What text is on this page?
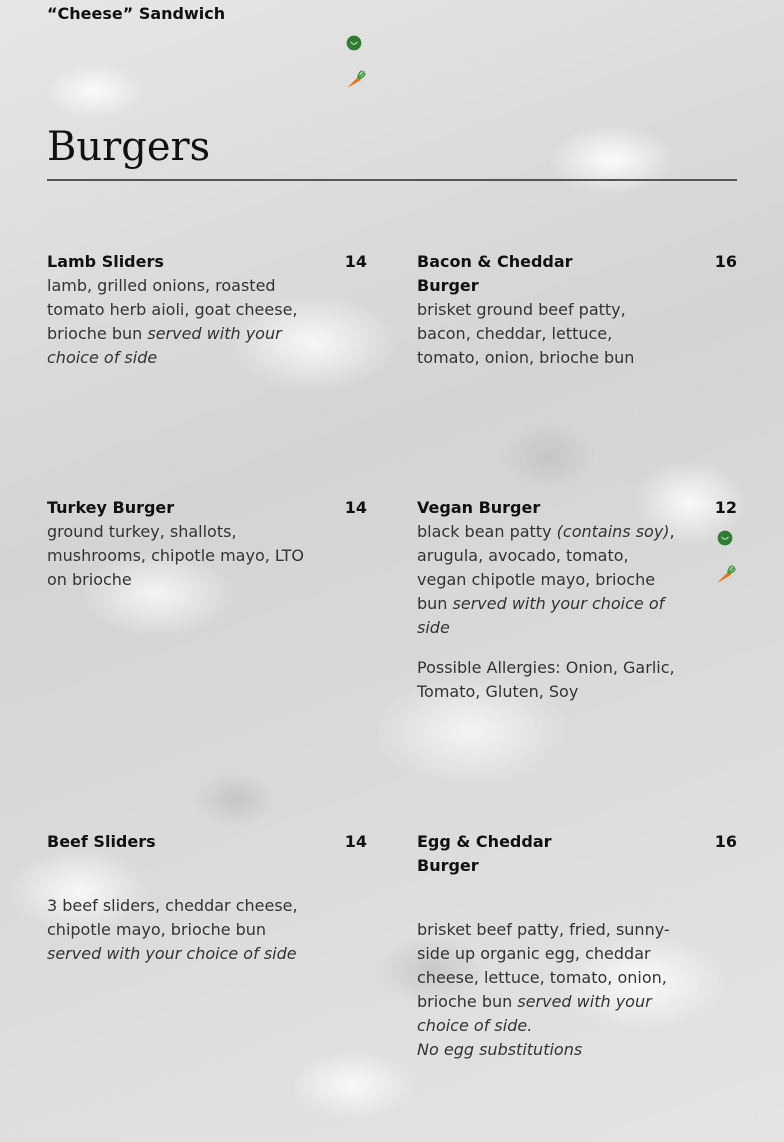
“Cheese” Sandwich
Burgers
Lamb Sliders	14
lamb, grilled onions, roasted tomato herb aioli, goat cheese, brioche bun served with your choice of side
Bacon & Cheddar
Burger
16
brisket ground beef patty, bacon, cheddar, lettuce, tomato, onion, brioche bun
Turkey Burger	14
ground turkey, shallots, mushrooms, chipotle mayo, LTO on brioche
Vegan Burger	12
black bean patty (contains soy), arugula, avocado, tomato, vegan chipotle mayo, brioche bun served with your choice of side
Possible Allergies: Onion, Garlic, Tomato, Gluten, Soy
Beef Sliders	14
3 beef sliders, cheddar cheese, chipotle mayo, brioche bun
served with your choice of side
Egg & Cheddar
Burger
16
brisket beef patty, fried, sunny-side up organic egg, cheddar cheese, lettuce, tomato, onion, brioche bun served with your choice of side.
No egg substitutions
